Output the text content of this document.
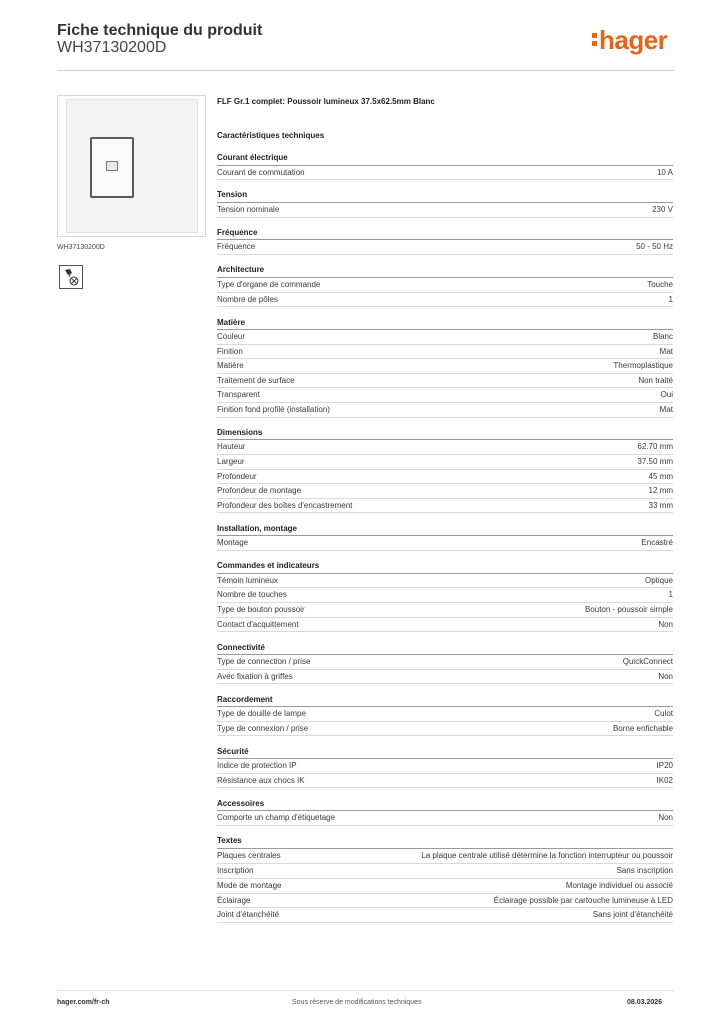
Fiche technique du produit
WH37130200D	hager
WH37130200D
FLF Gr.1 complet: Poussoir lumineux 37.5x62.5mm Blanc
Caractéristiques techniques
Courant électrique
Courant de commutation	10 A
Tension
Tension nominale	230 V
Fréquence
Fréquence	50 - 50 Hz
Architecture
Type d'organe de commande	Touche
Nombre de pôles	1
Matière
Couleur	Blanc
Finition	Mat
Matière	Thermoplastique
Traitement de surface	Non traité
Transparent	Oui
Finition fond profilé (installation)	Mat
Dimensions
Hauteur	62.70 mm
Largeur	37.50 mm
Profondeur	45 mm
Profondeur de montage	12 mm
Profondeur des boîtes d'encastrement	33 mm
Installation, montage
Montage	Encastré
Commandes et indicateurs
Témoin lumineux	Optique
Nombre de touches	1
Type de bouton poussoir	Bouton - poussoir simple
Contact d'acquittement	Non
Connectivité
Type de connection / prise	QuickConnect
Avec fixation à griffes	Non
Raccordement
Type de douille de lampe	Culot
Type de connexion / prise	Borne enfichable
Sécurité
Indice de protection IP	IP20
Résistance aux chocs IK	IK02
Accessoires
Comporte un champ d'étiquetage	Non
Textes
Plaques centrales	La plaque centrale utilisé détermine la fonction interrupteur ou poussoir
Inscription	Sans inscription
Mode de montage	Montage individuel ou associé
Éclairage	Éclairage possible par cartouche lumineuse à LED
Joint d'étanchéité	Sans joint d'étanchéité
hager.com/fr-ch	Sous réserve de modifications techniques	08.03.2026
